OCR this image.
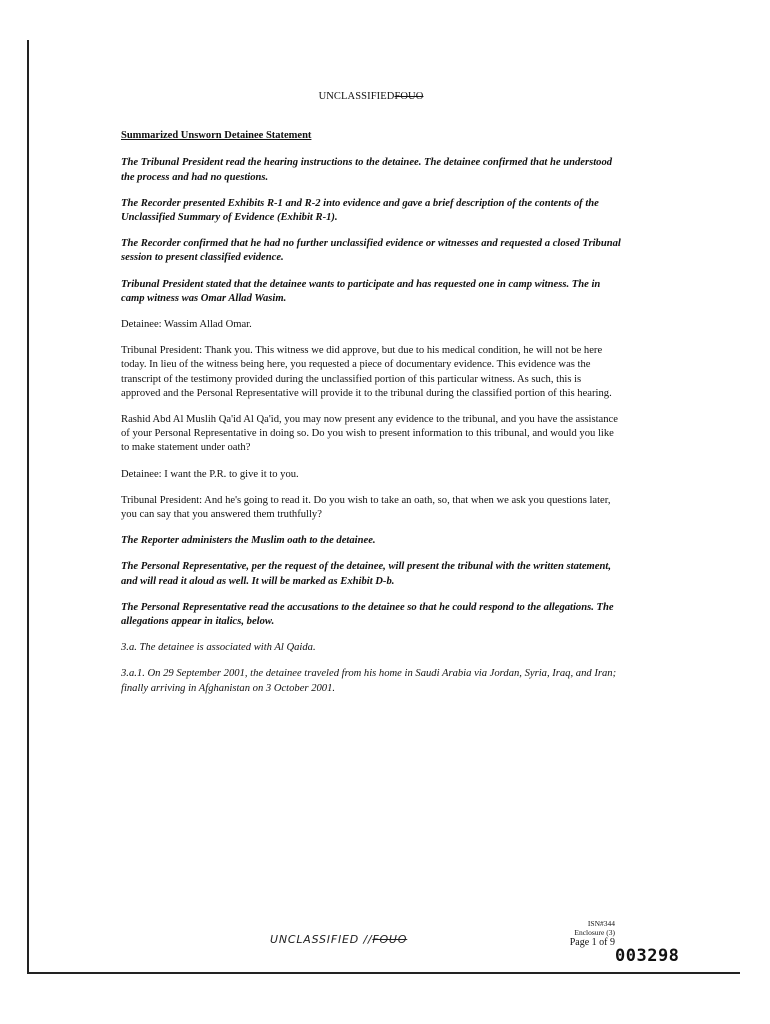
UNCLASSIFIEDFOUO
Summarized Unsworn Detainee Statement

The Tribunal President read the hearing instructions to the detainee. The detainee confirmed that he understood the process and had no questions.

The Recorder presented Exhibits R-1 and R-2 into evidence and gave a brief description of the contents of the Unclassified Summary of Evidence (Exhibit R-1).

The Recorder confirmed that he had no further unclassified evidence or witnesses and requested a closed Tribunal session to present classified evidence.

Tribunal President stated that the detainee wants to participate and has requested one in camp witness. The in camp witness was Omar Allad Wasim.

Detainee: Wassim Allad Omar.

Tribunal President: Thank you. This witness we did approve, but due to his medical condition, he will not be here today. In lieu of the witness being here, you requested a piece of documentary evidence. This evidence was the transcript of the testimony provided during the unclassified portion of this particular witness. As such, this is approved and the Personal Representative will provide it to the tribunal during the classified portion of this hearing.

Rashid Abd Al Muslih Qa'id Al Qa'id, you may now present any evidence to the tribunal, and you have the assistance of your Personal Representative in doing so. Do you wish to present information to this tribunal, and would you like to make statement under oath?

Detainee: I want the P.R. to give it to you.

Tribunal President: And he's going to read it. Do you wish to take an oath, so, that when we ask you questions later, you can say that you answered them truthfully?

The Reporter administers the Muslim oath to the detainee.

The Personal Representative, per the request of the detainee, will present the tribunal with the written statement, and will read it aloud as well. It will be marked as Exhibit D-b.

The Personal Representative read the accusations to the detainee so that he could respond to the allegations. The allegations appear in italics, below.

3.a. The detainee is associated with Al Qaida.

3.a.1. On 29 September 2001, the detainee traveled from his home in Saudi Arabia via Jordan, Syria, Iraq, and Iran; finally arriving in Afghanistan on 3 October 2001.

UNCLASSIFIED //FOUO
ISN#344
Enclosure (3)
Page 1 of 9
003298
